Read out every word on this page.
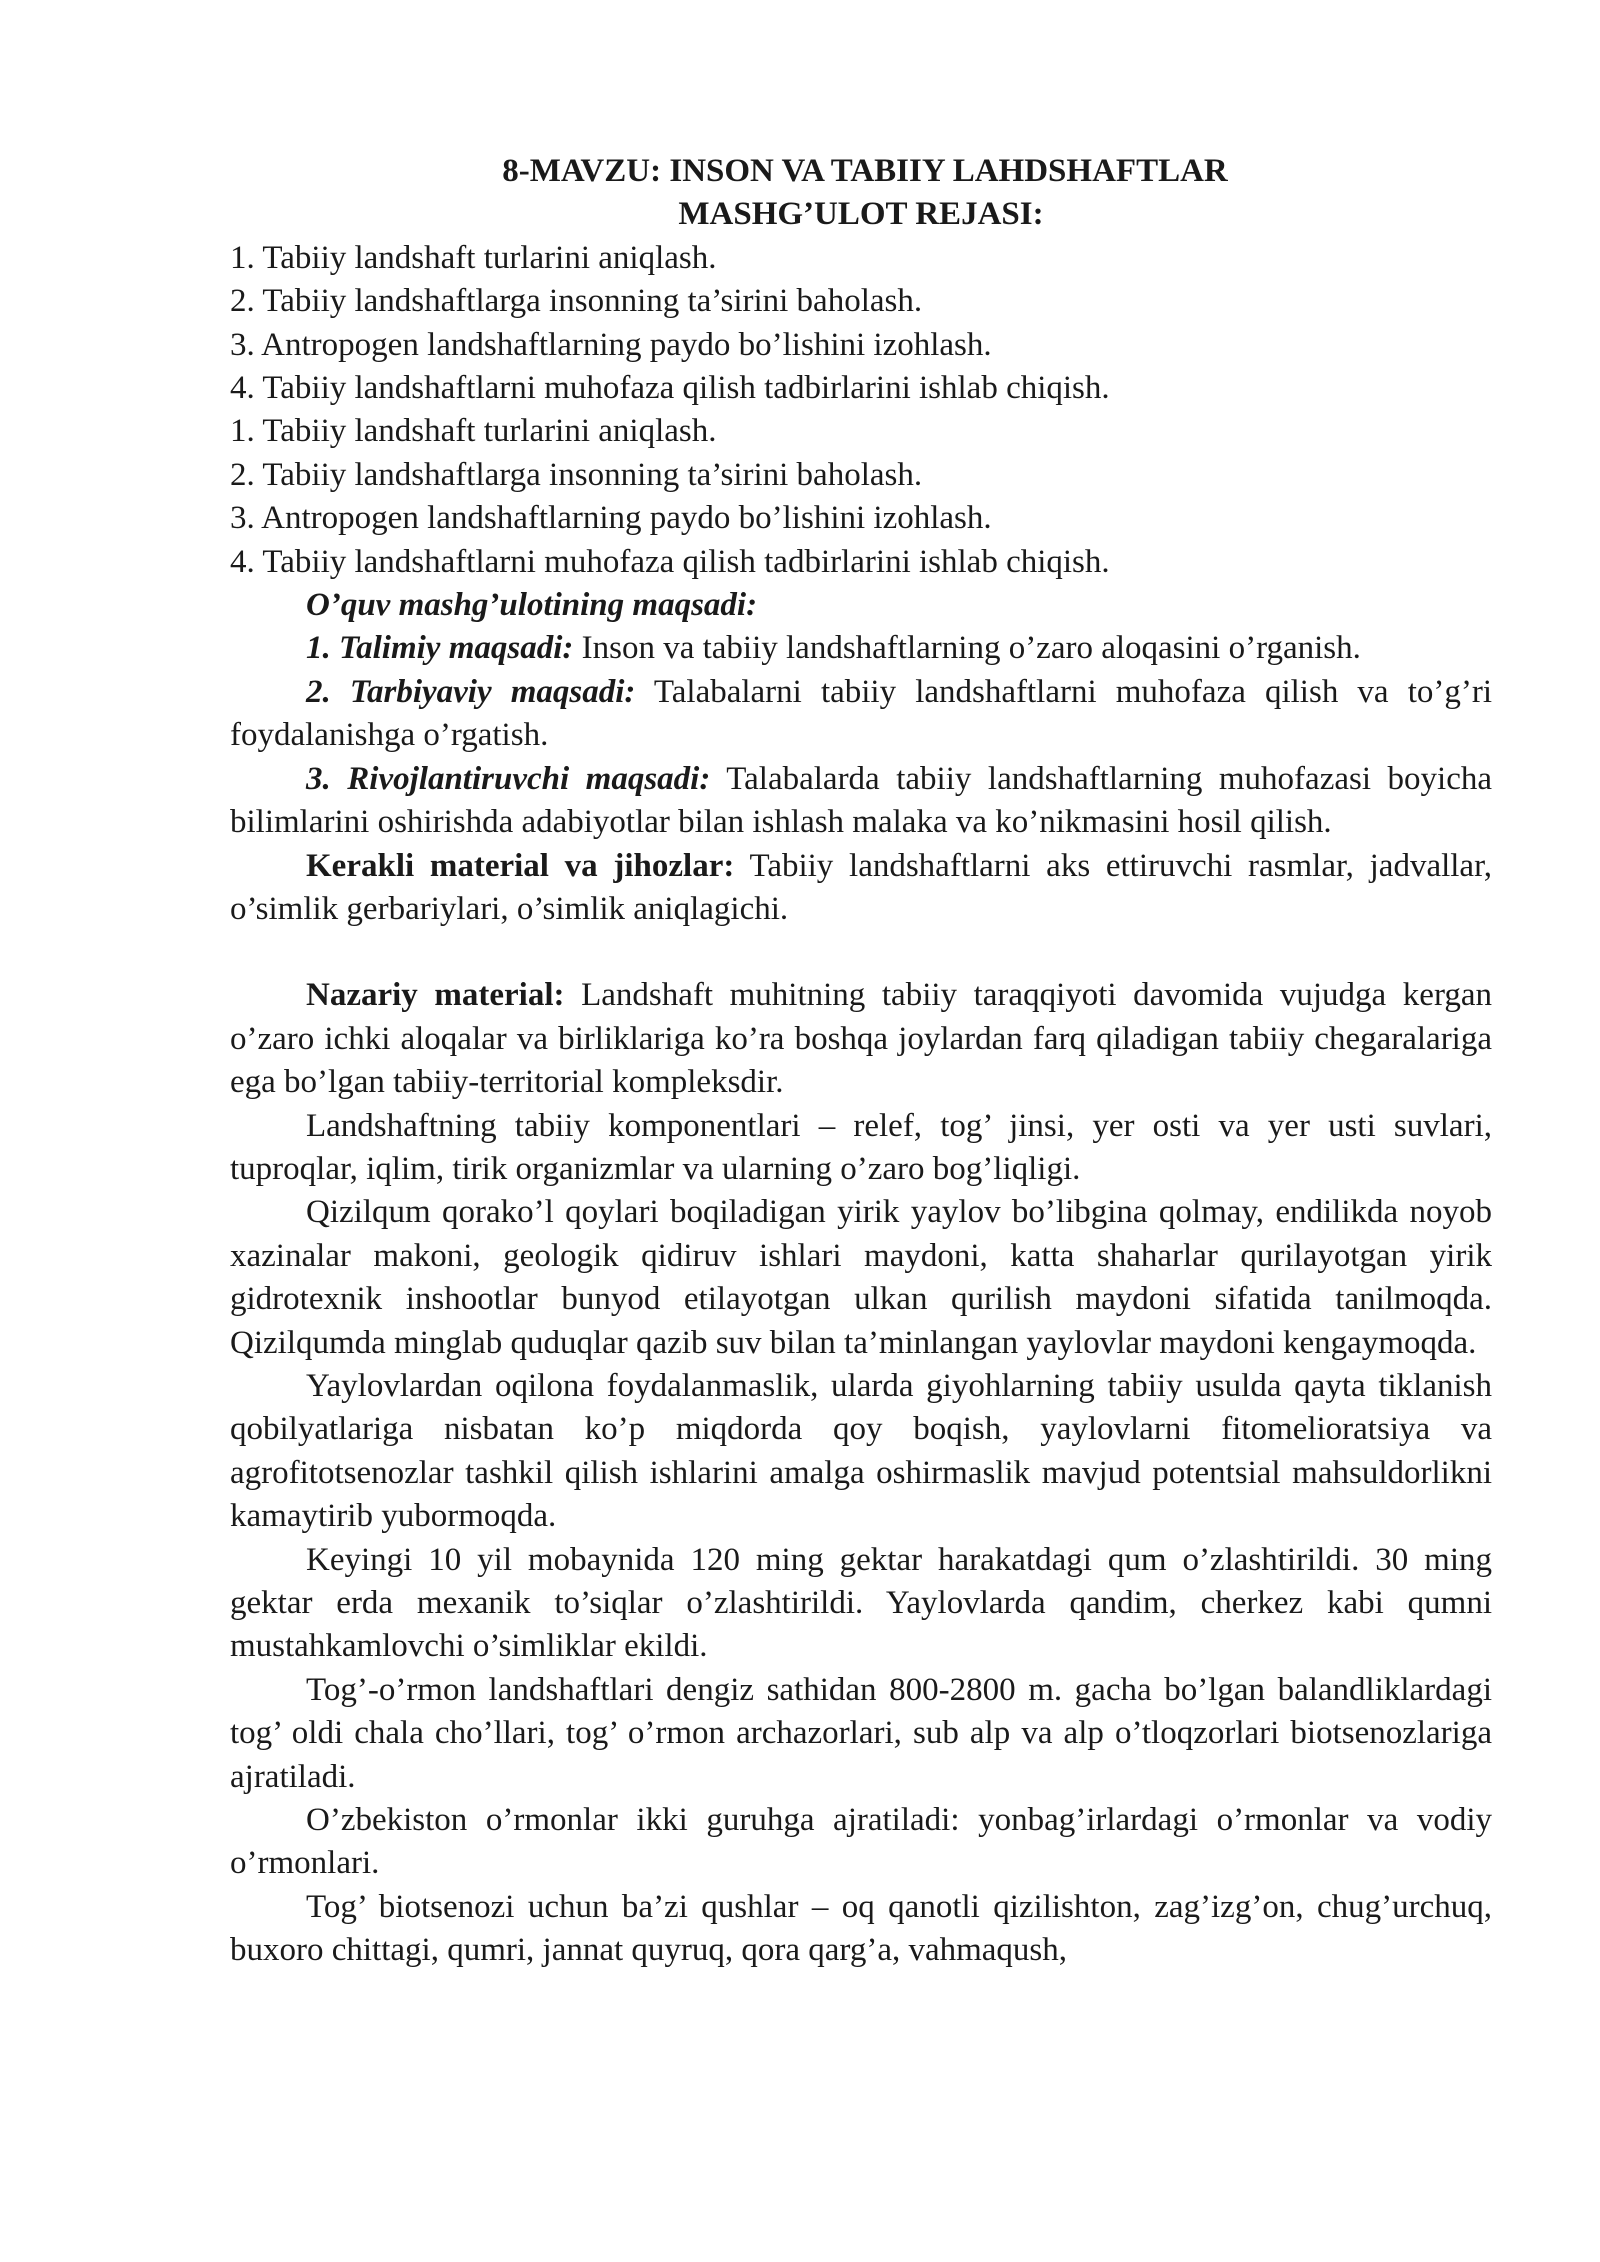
8-MAVZU: INSON VA TABIIY LAHDSHAFTLAR
MASHG’ULOT REJASI:
1. Tabiiy landshaft turlarini aniqlash.
2. Tabiiy landshaftlarga insonning ta’sirini baholash.
3. Antropogen landshaftlarning paydo bo’lishini izohlash.
4. Tabiiy landshaftlarni muhofaza qilish tadbirlarini ishlab chiqish.
1. Tabiiy landshaft turlarini aniqlash.
2. Tabiiy landshaftlarga insonning ta’sirini baholash.
3. Antropogen landshaftlarning paydo bo’lishini izohlash.
4. Tabiiy landshaftlarni muhofaza qilish tadbirlarini ishlab chiqish.
O’quv mashg’ulotining maqsadi:
1. Talimiy maqsadi: Inson va tabiiy landshaftlarning o’zaro aloqasini o’rganish.
2. Tarbiyaviy maqsadi: Talabalarni tabiiy landshaftlarni muhofaza qilish va to’g’ri foydalanishga o’rgatish.
3. Rivojlantiruvchi maqsadi: Talabalarda tabiiy landshaftlarning muhofazasi boyicha bilimlarini oshirishda adabiyotlar bilan ishlash malaka va ko’nikmasini hosil qilish.
Kerakli material va jihozlar: Tabiiy landshaftlarni aks ettiruvchi rasmlar, jadvallar, o’simlik gerbariylari, o’simlik aniqlagichi.
Nazariy material: Landshaft muhitning tabiiy taraqqiyoti davomida vujudga kergan o’zaro ichki aloqalar va birliklariga ko’ra boshqa joylardan farq qiladigan tabiiy chegaralariga ega bo’lgan tabiiy-territorial kompleksdir.
Landshaftning tabiiy komponentlari – relef, tog’ jinsi, yer osti va yer usti suvlari, tuproqlar, iqlim, tirik organizmlar va ularning o’zaro bog’liqligi.
Qizilqum qorako’l qoylari boqiladigan yirik yaylov bo’libgina qolmay, endilikda noyob xazinalar makoni, geologik qidiruv ishlari maydoni, katta shaharlar qurilayotgan yirik gidrotexnik inshootlar bunyod etilayotgan ulkan qurilish maydoni sifatida tanilmoqda. Qizilqumda minglab quduqlar qazib suv bilan ta’minlangan yaylovlar maydoni kengaymoqda.
Yaylovlardan oqilona foydalanmaslik, ularda giyohlarning tabiiy usulda qayta tiklanish qobilyatlariga nisbatan ko’p miqdorda qoy boqish, yaylovlarni fitomelioratsiya va agrofitotsenozlar tashkil qilish ishlarini amalga oshirmaslik mavjud potentsial mahsuldorlikni kamaytirib yubormoqda.
Keyingi 10 yil mobaynida 120 ming gektar harakatdagi qum o’zlashtirildi. 30 ming gektar erda mexanik to’siqlar o’zlashtirildi. Yaylovlarda qandim, cherkez kabi qumni mustahkamlovchi o’simliklar ekildi.
Tog’-o’rmon landshaftlari dengiz sathidan 800-2800 m. gacha bo’lgan balandliklardagi tog’ oldi chala cho’llari, tog’ o’rmon archazorlari, sub alp va alp o’tloqzorlari biotsenozlariga ajratiladi.
O’zbekiston o’rmonlar ikki guruhga ajratiladi: yonbag’irlardagi o’rmonlar va vodiy o’rmonlari.
Tog’ biotsenozi uchun ba’zi qushlar – oq qanotli qizilishton, zag’izg’on, chug’urchuq, buxoro chittagi, qumri, jannat quyruq, qora qarg’a, vahmaqush,
